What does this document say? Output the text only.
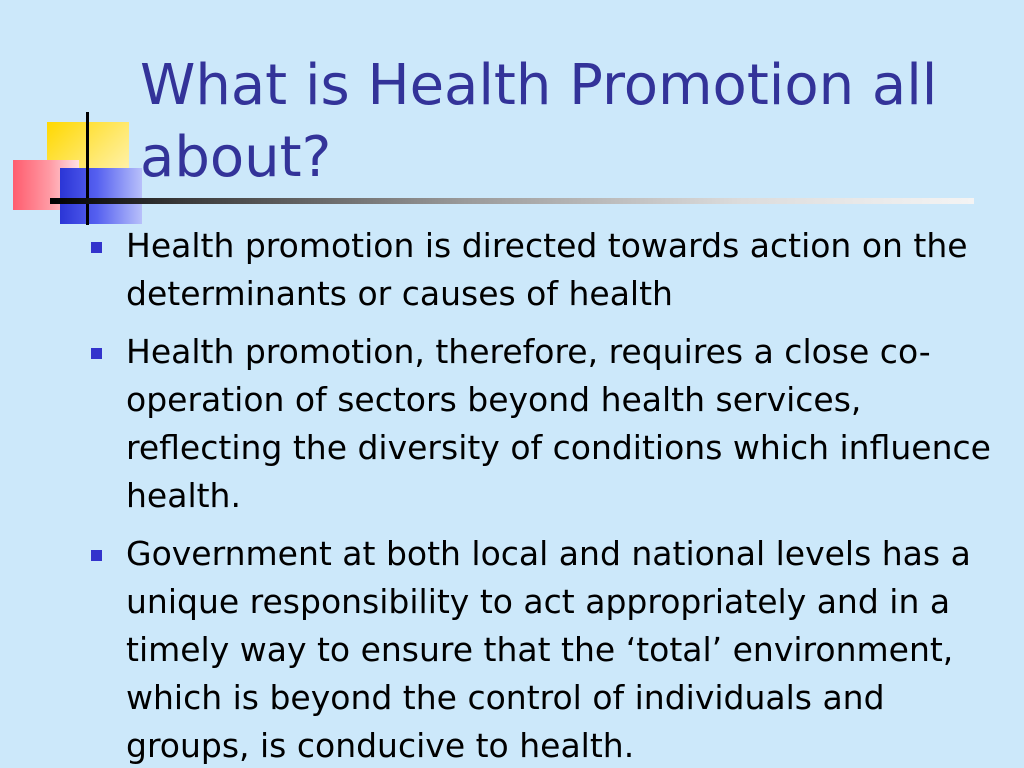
What is Health Promotion all about?
Health promotion is directed towards action on the determinants or causes of health
Health promotion, therefore, requires a close co-operation of sectors beyond health services, reflecting the diversity of conditions which influence health.
Government at both local and national levels has a unique responsibility to act appropriately and in a timely way to ensure that the ‘total’ environment, which is beyond the control of individuals and groups, is conducive to health.
